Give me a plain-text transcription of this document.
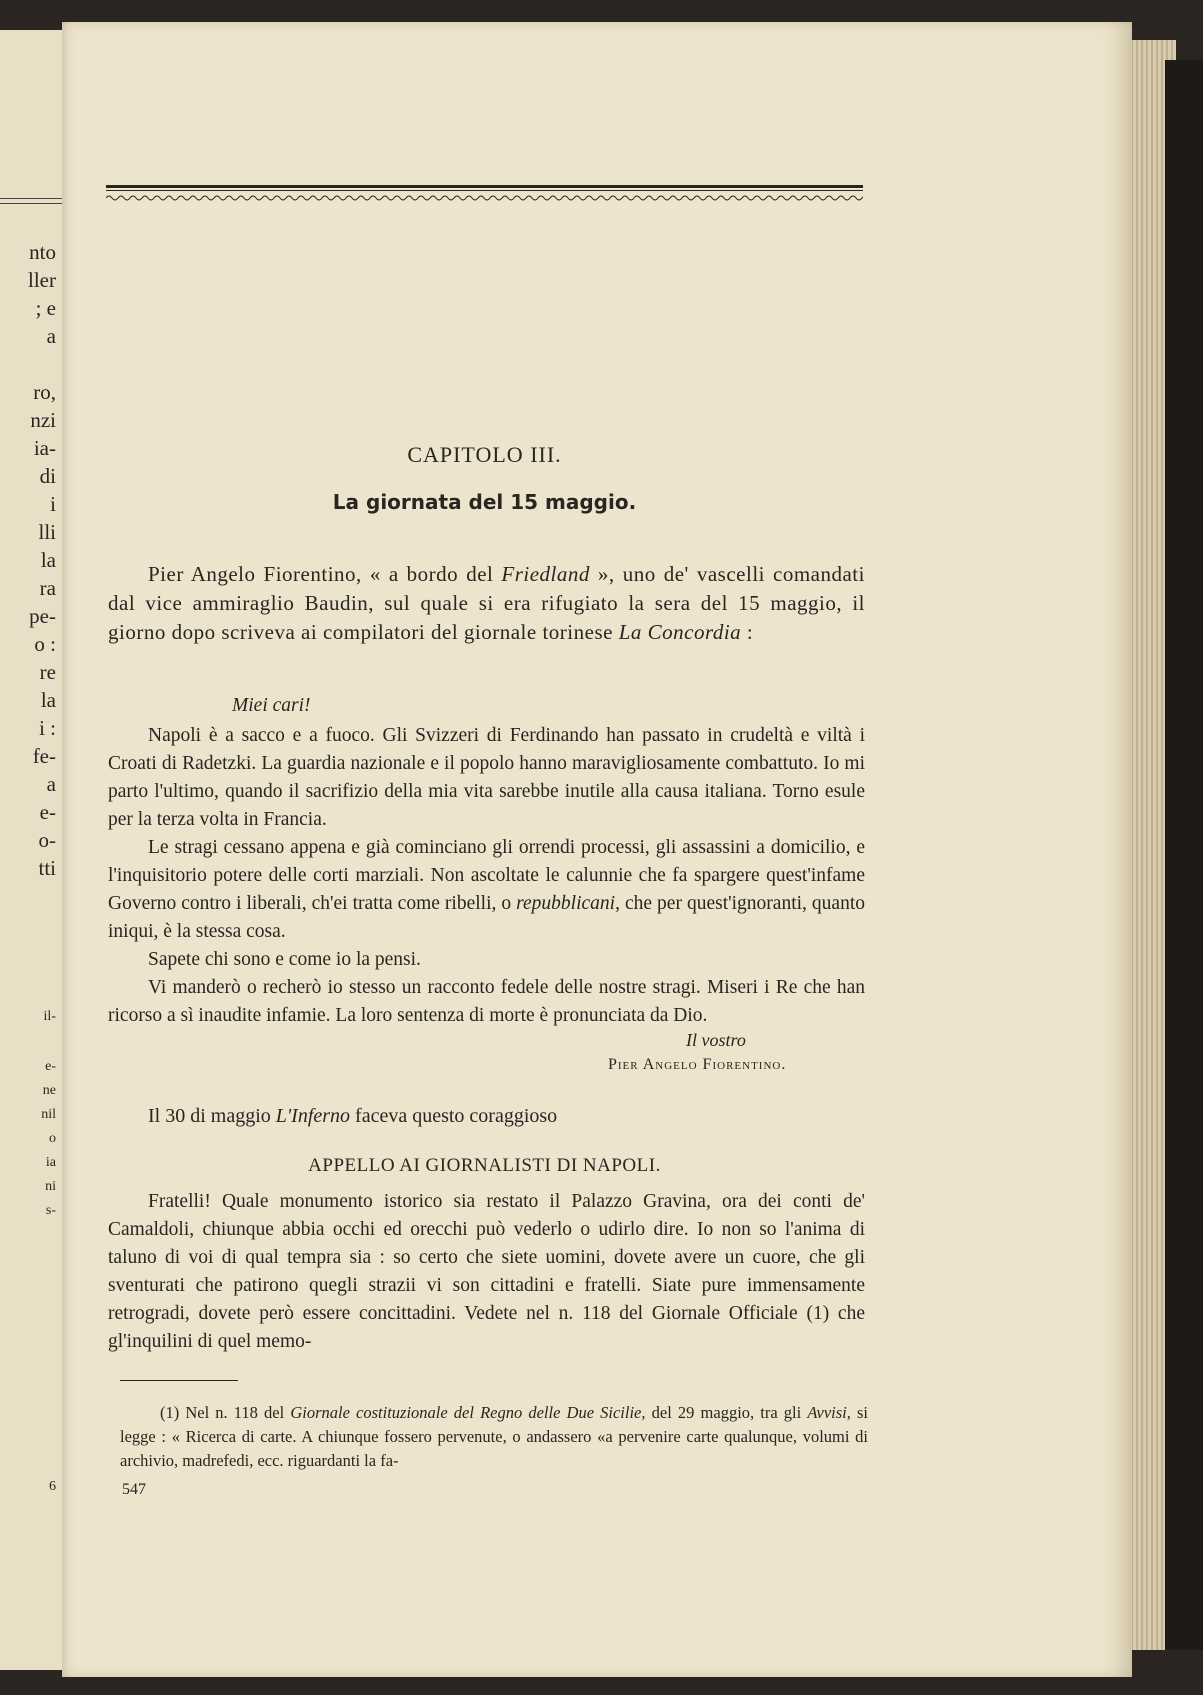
nto
ller
; e
a
ro,
nzi
ia-
di
i
lli
la
ra
pe-
o :
re
la
i :
fe-
a
e-
o-
tti
il-
e-
ne
nil
o
ia
ni
s-
6
CAPITOLO III.
La giornata del 15 maggio.

Pier Angelo Fiorentino, « a bordo del Friedland », uno de' vascelli comandati dal vice ammiraglio Baudin, sul quale si era rifugiato la sera del 15 maggio, il giorno dopo scriveva ai compilatori del giornale torinese La Concordia :

Miei cari!

Napoli è a sacco e a fuoco. Gli Svizzeri di Ferdinando han passato in crudeltà e viltà i Croati di Radetzki. La guardia nazionale e il popolo hanno maravigliosamente combattuto. Io mi parto l'ultimo, quando il sacrifizio della mia vita sarebbe inutile alla causa italiana. Torno esule per la terza volta in Francia.

Le stragi cessano appena e già cominciano gli orrendi processi, gli assassini a domicilio, e l'inquisitorio potere delle corti marziali. Non ascoltate le calunnie che fa spargere quest'infame Governo contro i liberali, ch'ei tratta come ribelli, o repubblicani, che per quest'ignoranti, quanto iniqui, è la stessa cosa.

Sapete chi sono e come io la pensi.

Vi manderò o recherò io stesso un racconto fedele delle nostre stragi. Miseri i Re che han ricorso a sì inaudite infamie. La loro sentenza di morte è pronunciata da Dio.

Il vostro
Pier Angelo Fiorentino.

Il 30 di maggio L'Inferno faceva questo coraggioso

APPELLO AI GIORNALISTI DI NAPOLI.

Fratelli! Quale monumento istorico sia restato il Palazzo Gravina, ora dei conti de' Camaldoli, chiunque abbia occhi ed orecchi può vederlo o udirlo dire. Io non so l'anima di taluno di voi di qual tempra sia : so certo che siete uomini, dovete avere un cuore, che gli sventurati che patirono quegli strazii vi son cittadini e fratelli. Siate pure immensamente retrogradi, dovete però essere concittadini. Vedete nel n. 118 del Giornale Officiale (1) che gl'inquilini di quel memo-

(1) Nel n. 118 del Giornale costituzionale del Regno delle Due Sicilie, del 29 maggio, tra gli Avvisi, si legge : « Ricerca di carte. A chiunque fossero pervenute, o andassero «a pervenire carte qualunque, volumi di archivio, madrefedi, ecc. riguardanti la fa-

547
